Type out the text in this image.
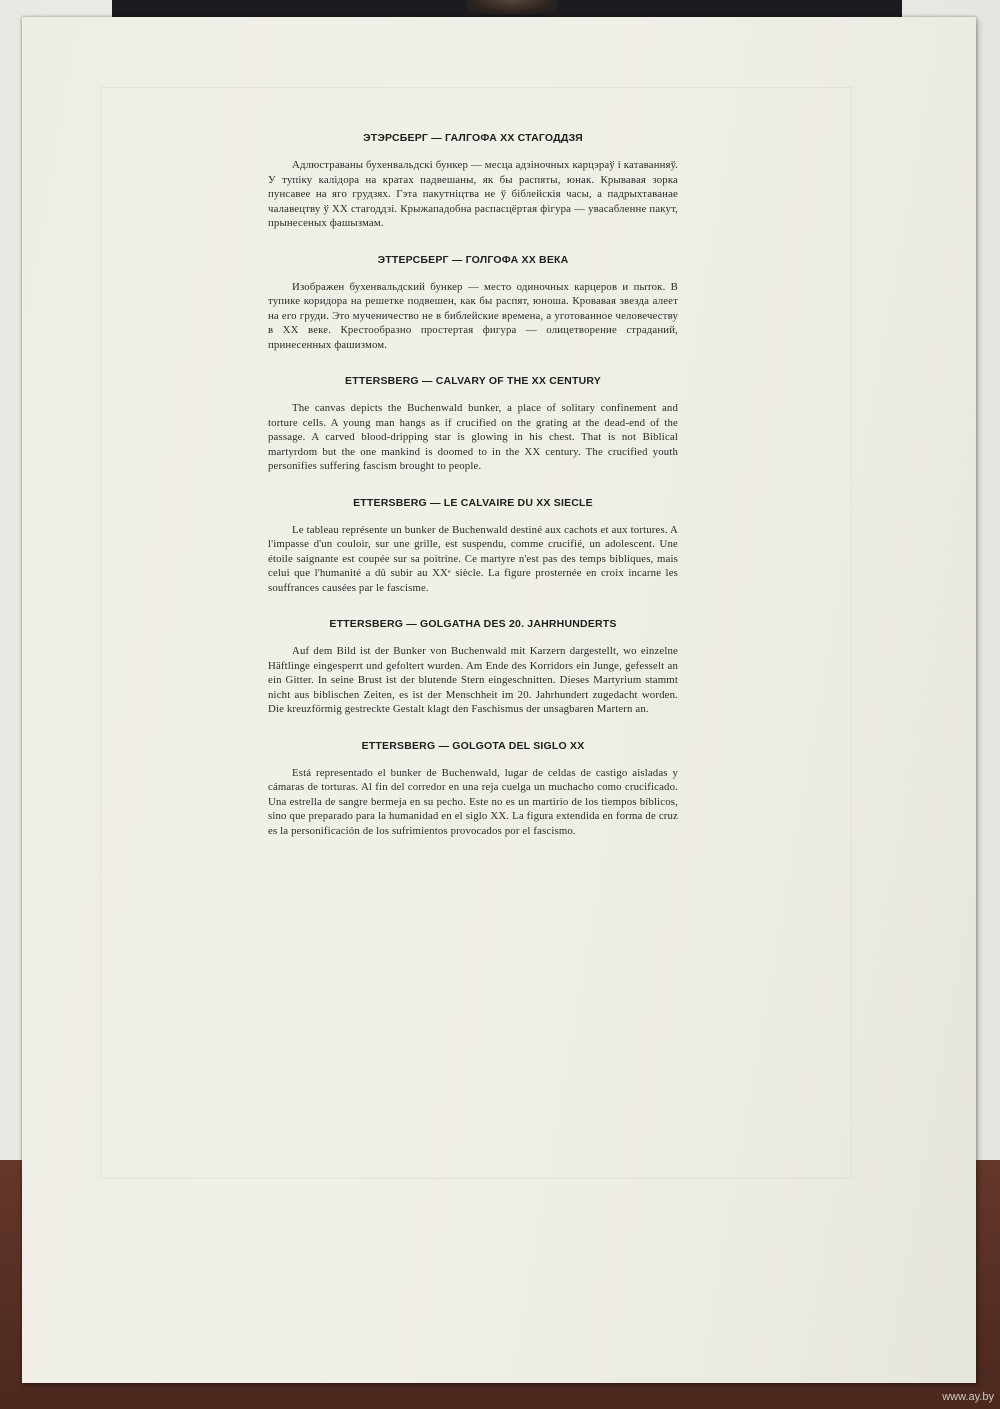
ЭТЭРСБЕРГ — ГАЛГОФА XX СТАГОДДЗЯ

Адлюстраваны бухенвальдскі бункер — месца адзіночных карцэраў і катаванняў. У тупіку калідора на кратах падвешаны, як бы распяты, юнак. Крывавая зорка пунсавее на яго грудзях. Гэта пакутніцтва не ў біблейскія часы, а падрыхтаванае чалавецтву ў XX стагоддзі. Крыжападобна распасцёртая фігура — увасабленне пакут, прынесеных фашызмам.

ЭТТЕРСБЕРГ — ГОЛГОФА XX ВЕКА

Изображен бухенвальдский бункер — место одиночных карцеров и пыток. В тупике коридора на решетке подвешен, как бы распят, юноша. Кровавая звезда алеет на его груди. Это мученичество не в библейские времена, а уготованное человечеству в XX веке. Крестообразно простертая фигура — олицетворение страданий, принесенных фашизмом.

ETTERSBERG — CALVARY OF THE XX CENTURY

The canvas depicts the Buchenwald bunker, a place of solitary confinement and torture cells. A young man hangs as if crucified on the grating at the dead-end of the passage. A carved blood-dripping star is glowing in his chest. That is not Biblical martyrdom but the one mankind is doomed to in the XX century. The crucified youth personifies suffering fascism brought to people.

ETTERSBERG — LE CALVAIRE DU XX SIECLE

Le tableau représente un bunker de Buchenwald destiné aux cachots et aux tortures. A l'impasse d'un couloir, sur une grille, est suspendu, comme crucifié, un adolescent. Une étoile saignante est coupée sur sa poitrine. Ce martyre n'est pas des temps bibliques, mais celui que l'humanité a dû subir au XXᵉ siècle. La figure prosternée en croix incarne les souffrances causées par le fascisme.

ETTERSBERG — GOLGATHA DES 20. JAHRHUNDERTS

Auf dem Bild ist der Bunker von Buchenwald mit Karzern dargestellt, wo einzelne Häftlinge eingesperrt und gefoltert wurden. Am Ende des Korridors ein Junge, gefesselt an ein Gitter. In seine Brust ist der blutende Stern eingeschnitten. Dieses Martyrium stammt nicht aus biblischen Zeiten, es ist der Menschheit im 20. Jahrhundert zugedacht worden. Die kreuzförmig gestreckte Gestalt klagt den Faschismus der unsagbaren Martern an.

ETTERSBERG — GOLGOTA DEL SIGLO XX

Está representado el bunker de Buchenwald, lugar de celdas de castigo aisladas y cámaras de torturas. Al fin del corredor en una reja cuelga un muchacho como crucificado. Una estrella de sangre bermeja en su pecho. Este no es un martirio de los tiempos bíblicos, sino que preparado para la humanidad en el siglo XX. La figura extendida en forma de cruz es la personificación de los sufrimientos provocados por el fascismo.

www.ay.by
